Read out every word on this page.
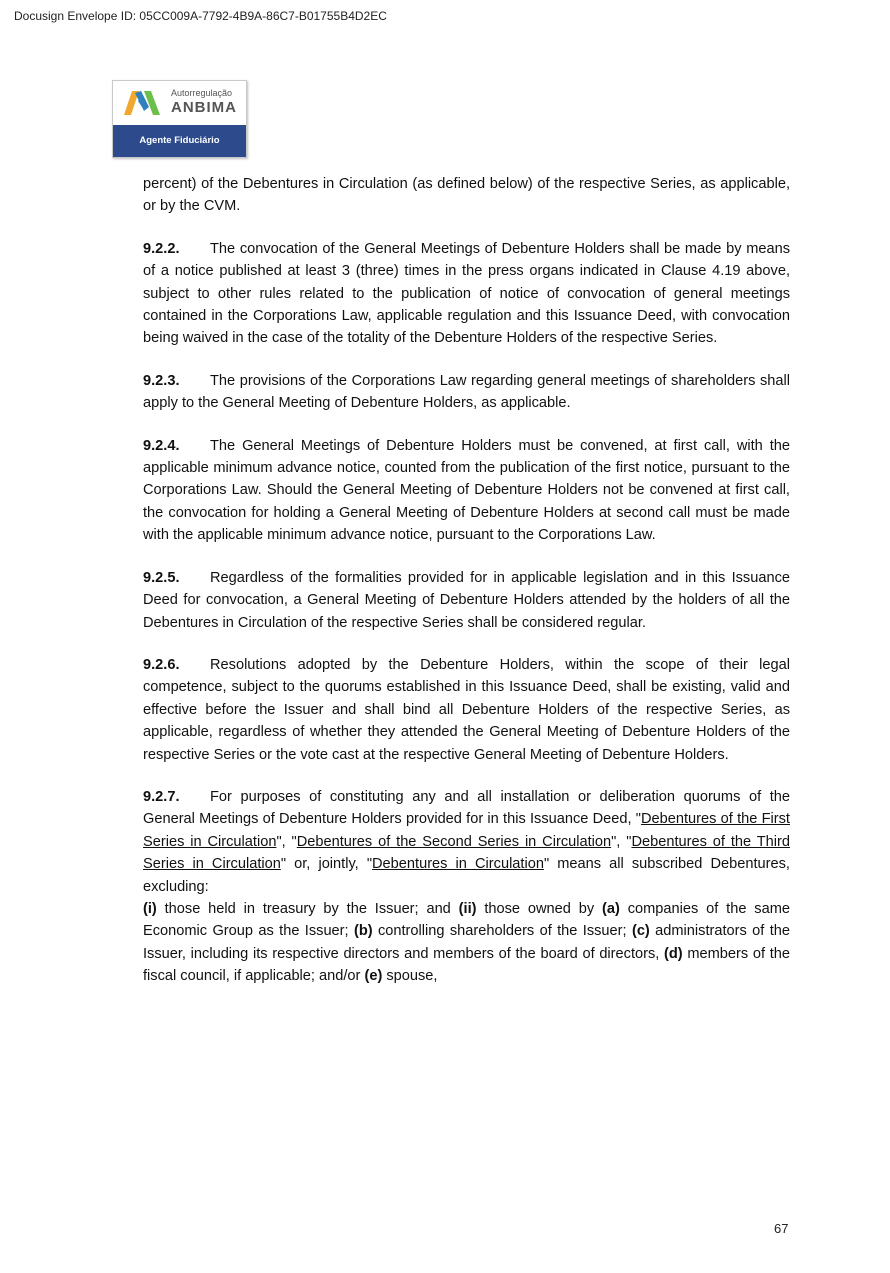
Docusign Envelope ID: 05CC009A-7792-4B9A-86C7-B01755B4D2EC
Autorregulação
ANBIMA
Agente Fiduciário

percent) of the Debentures in Circulation (as defined below) of the respective Series, as applicable, or by the CVM.

9.2.2. The convocation of the General Meetings of Debenture Holders shall be made by means of a notice published at least 3 (three) times in the press organs indicated in Clause 4.19 above, subject to other rules related to the publication of notice of convocation of general meetings contained in the Corporations Law, applicable regulation and this Issuance Deed, with convocation being waived in the case of the totality of the Debenture Holders of the respective Series.

9.2.3. The provisions of the Corporations Law regarding general meetings of shareholders shall apply to the General Meeting of Debenture Holders, as applicable.

9.2.4. The General Meetings of Debenture Holders must be convened, at first call, with the applicable minimum advance notice, counted from the publication of the first notice, pursuant to the Corporations Law. Should the General Meeting of Debenture Holders not be convened at first call, the convocation for holding a General Meeting of Debenture Holders at second call must be made with the applicable minimum advance notice, pursuant to the Corporations Law.

9.2.5. Regardless of the formalities provided for in applicable legislation and in this Issuance Deed for convocation, a General Meeting of Debenture Holders attended by the holders of all the Debentures in Circulation of the respective Series shall be considered regular.

9.2.6. Resolutions adopted by the Debenture Holders, within the scope of their legal competence, subject to the quorums established in this Issuance Deed, shall be existing, valid and effective before the Issuer and shall bind all Debenture Holders of the respective Series, as applicable, regardless of whether they attended the General Meeting of Debenture Holders of the respective Series or the vote cast at the respective General Meeting of Debenture Holders.

9.2.7. For purposes of constituting any and all installation or deliberation quorums of the General Meetings of Debenture Holders provided for in this Issuance Deed, "Debentures of the First Series in Circulation", "Debentures of the Second Series in Circulation", "Debentures of the Third Series in Circulation" or, jointly, "Debentures in Circulation" means all subscribed Debentures, excluding:

(i) those held in treasury by the Issuer; and (ii) those owned by (a) companies of the same Economic Group as the Issuer; (b) controlling shareholders of the Issuer; (c) administrators of the Issuer, including its respective directors and members of the board of directors, (d) members of the fiscal council, if applicable; and/or (e) spouse,

67
